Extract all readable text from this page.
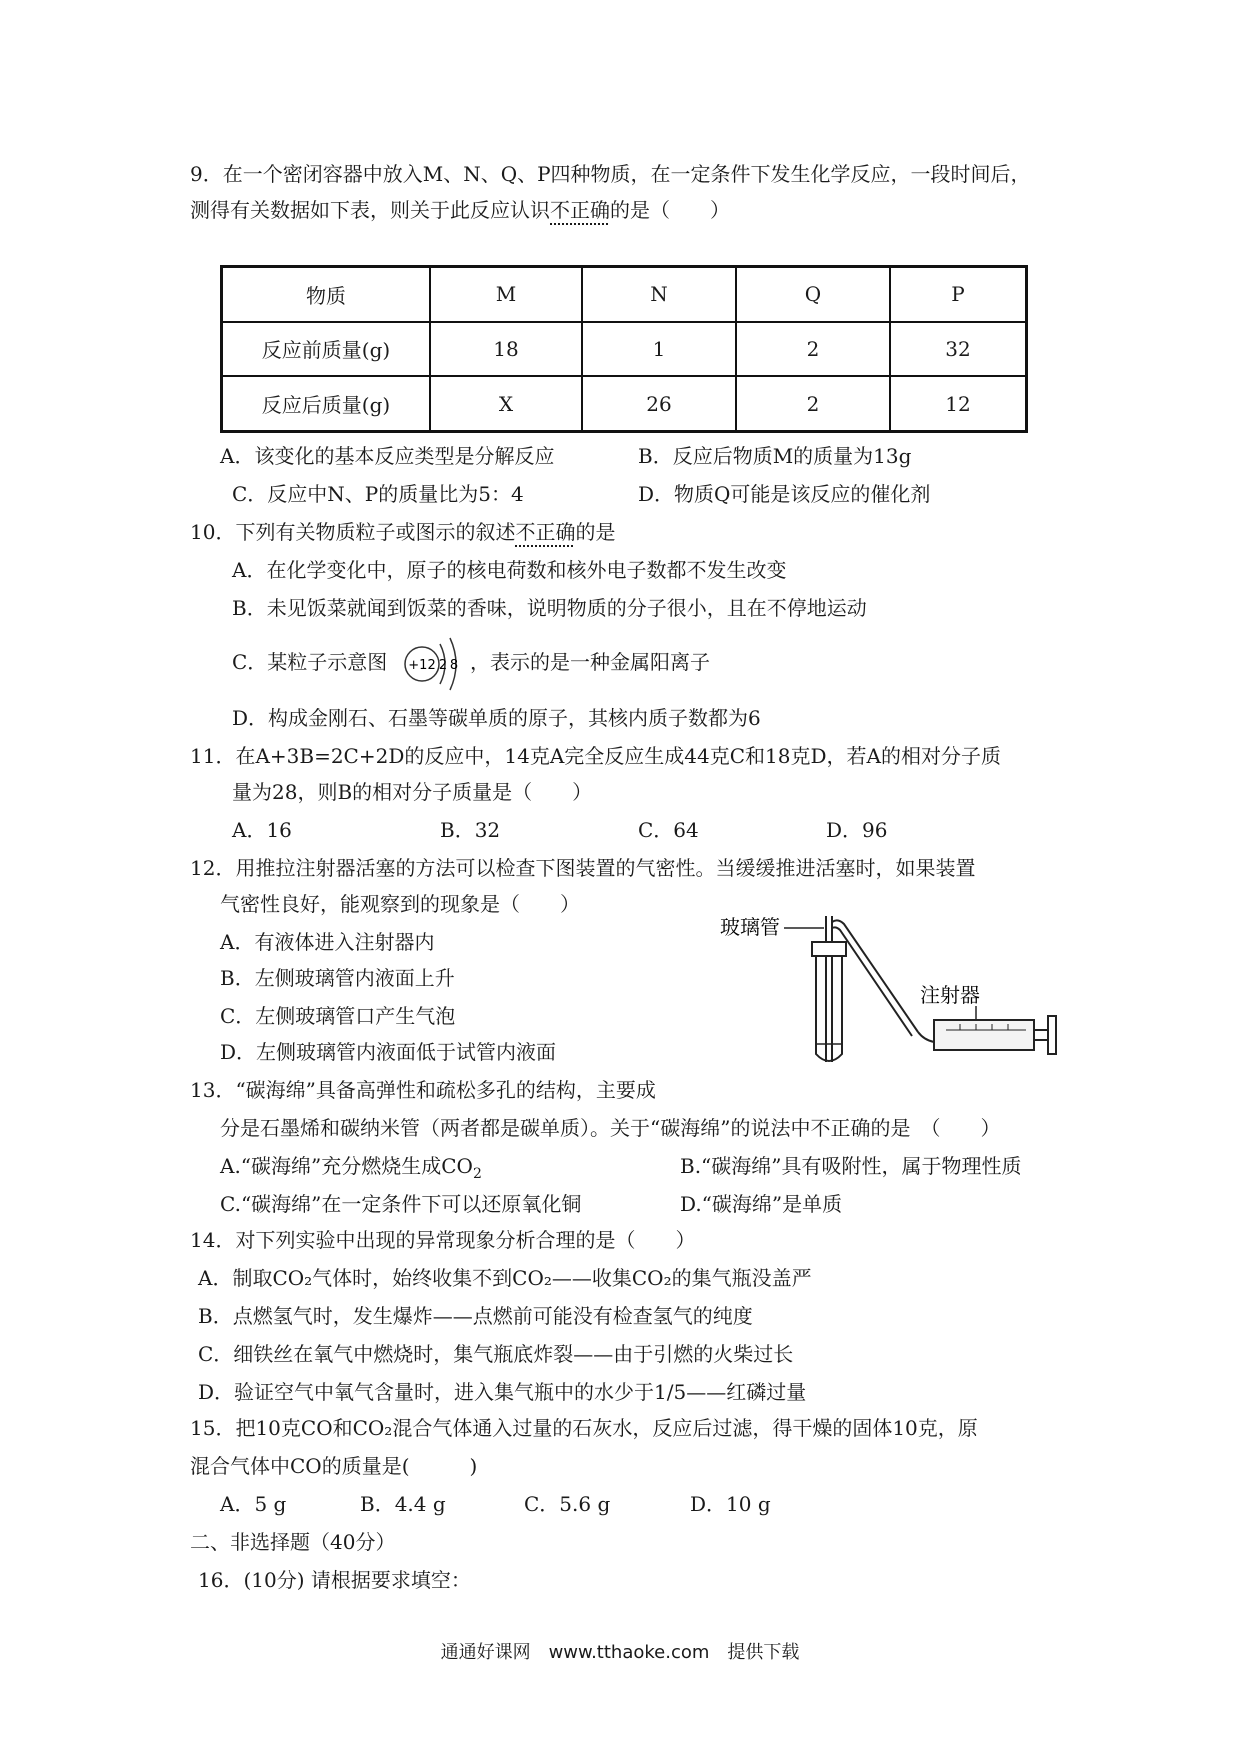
9．在一个密闭容器中放入M、N、Q、P四种物质，在一定条件下发生化学反应，一段时间后，
测得有关数据如下表，则关于此反应认识不正确的是（　　）
物质	M	N	Q	P
反应前质量(g)	18	1	2	32
反应后质量(g)	X	26	2	12
A．该变化的基本反应类型是分解反应	B．反应后物质M的质量为13g
C．反应中N、P的质量比为5：4	D．物质Q可能是该反应的催化剂
10．下列有关物质粒子或图示的叙述不正确的是
A．在化学变化中，原子的核电荷数和核外电子数都不发生改变
B．未见饭菜就闻到饭菜的香味，说明物质的分子很小，且在不停地运动
C．某粒子示意图 +12 2 8 ，表示的是一种金属阳离子
D．构成金刚石、石墨等碳单质的原子，其核内质子数都为6
11．在A+3B=2C+2D的反应中，14克A完全反应生成44克C和18克D，若A的相对分子质
量为28，则B的相对分子质量是（　　）
A．16	B．32	C．64	D．96
12．用推拉注射器活塞的方法可以检查下图装置的气密性。当缓缓推进活塞时，如果装置
气密性良好，能观察到的现象是（　　）
A．有液体进入注射器内
B．左侧玻璃管内液面上升
C．左侧玻璃管口产生气泡
D．左侧玻璃管内液面低于试管内液面
玻璃管
注射器
13．“碳海绵”具备高弹性和疏松多孔的结构，主要成
分是石墨烯和碳纳米管（两者都是碳单质）。关于“碳海绵”的说法中不正确的是　（　　）
A.“碳海绵”充分燃烧生成$CO_2$	B.“碳海绵”具有吸附性，属于物理性质
C.“碳海绵”在一定条件下可以还原氧化铜	D.“碳海绵”是单质
14．对下列实验中出现的异常现象分析合理的是（　　）
A．制取CO₂气体时，始终收集不到CO₂——收集CO₂的集气瓶没盖严
B．点燃氢气时，发生爆炸——点燃前可能没有检查氢气的纯度
C．细铁丝在氧气中燃烧时，集气瓶底炸裂——由于引燃的火柴过长
D．验证空气中氧气含量时，进入集气瓶中的水少于1/5——红磷过量
15．把10克CO和CO₂混合气体通入过量的石灰水，反应后过滤，得干燥的固体10克，原
混合气体中CO的质量是(　　　)
A．5 g	B．4.4 g	C．5.6 g	D．10 g
二、非选择题（40分）
16．(10分) 请根据要求填空：
通通好课网　www.tthaoke.com　提供下载
